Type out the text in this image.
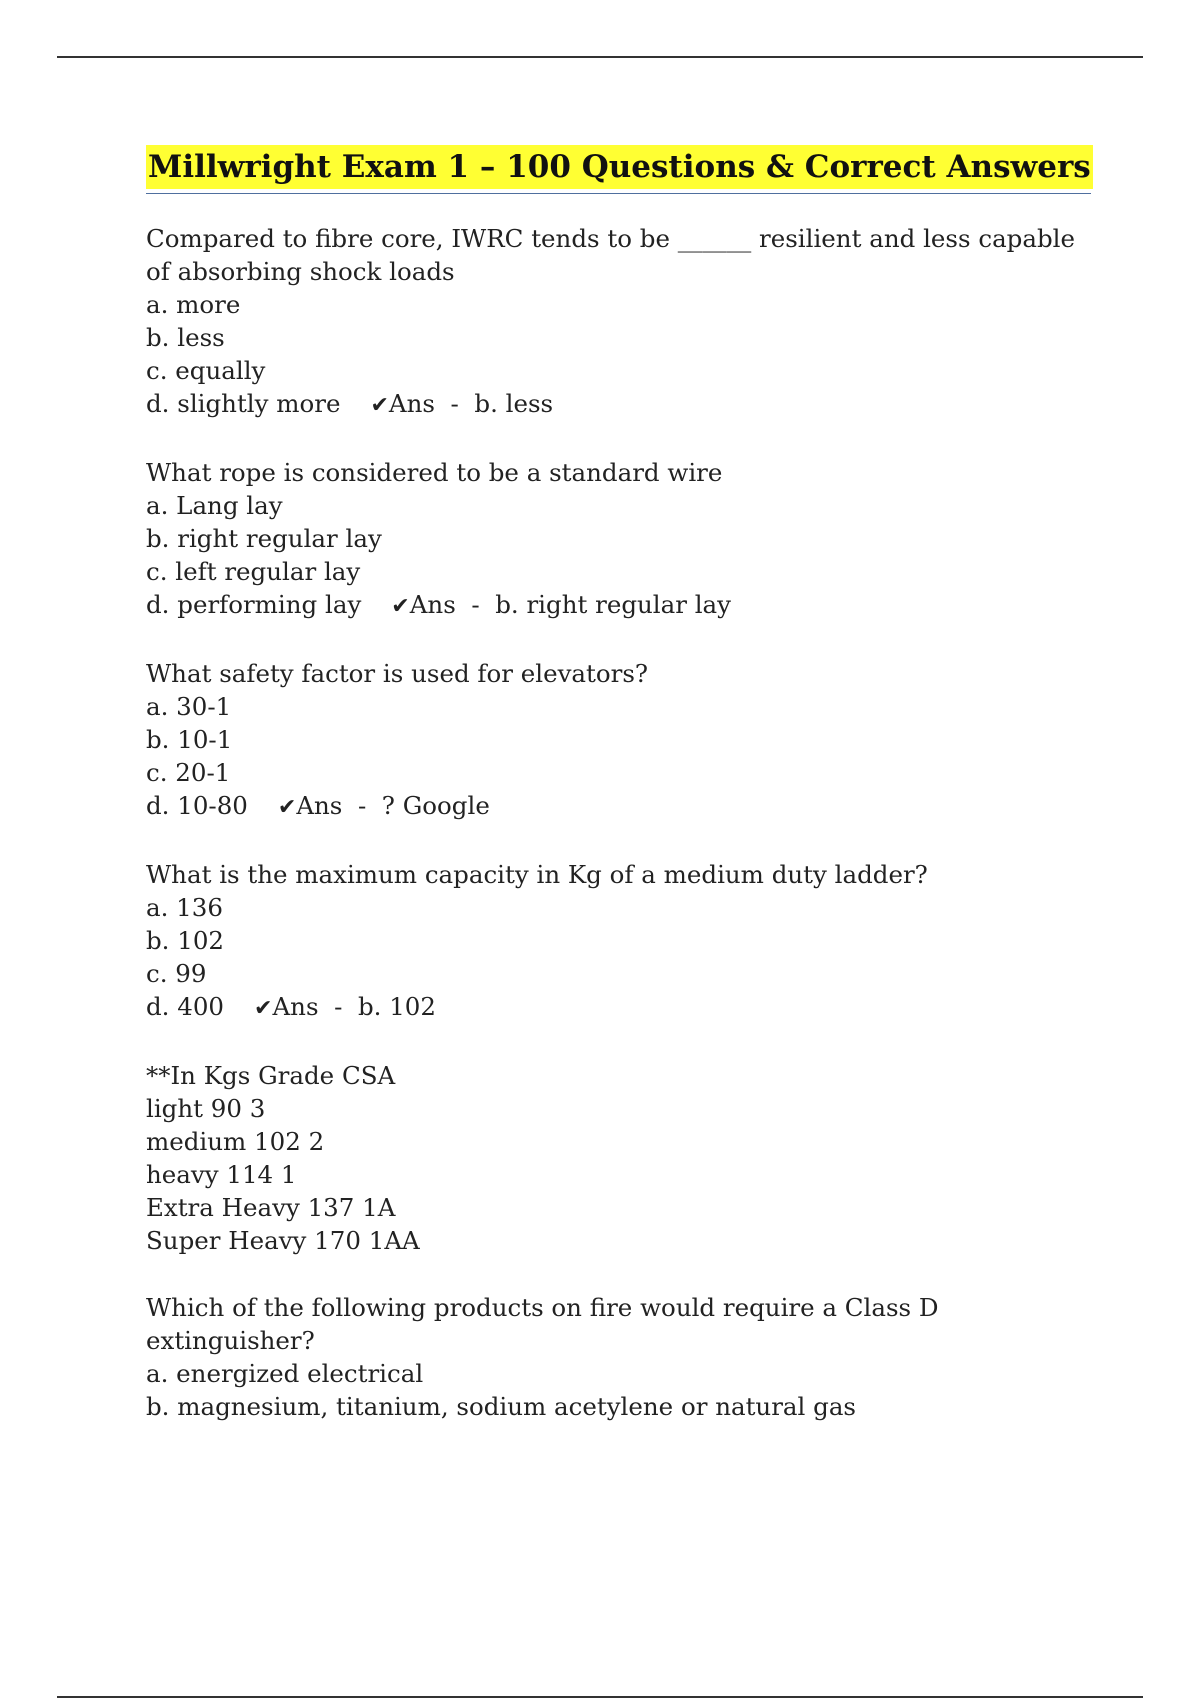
Millwright Exam 1 – 100 Questions & Correct Answers
Compared to fibre core, IWRC tends to be ______ resilient and less capable of absorbing shock loads
a. more
b. less
c. equally
d. slightly more ✔Ans  -  b. less
What rope is considered to be a standard wire
a. Lang lay
b. right regular lay
c. left regular lay
d. performing lay ✔Ans  -  b. right regular lay
What safety factor is used for elevators?
a. 30-1
b. 10-1
c. 20-1
d. 10-80 ✔Ans  -  ? Google
What is the maximum capacity in Kg of a medium duty ladder?
a. 136
b. 102
c. 99
d. 400 ✔Ans  -  b. 102
**In Kgs Grade CSA
light 90 3
medium 102 2
heavy 114 1
Extra Heavy 137 1A
Super Heavy 170 1AA
Which of the following products on fire would require a Class D extinguisher?
a. energized electrical
b. magnesium, titanium, sodium acetylene or natural gas
